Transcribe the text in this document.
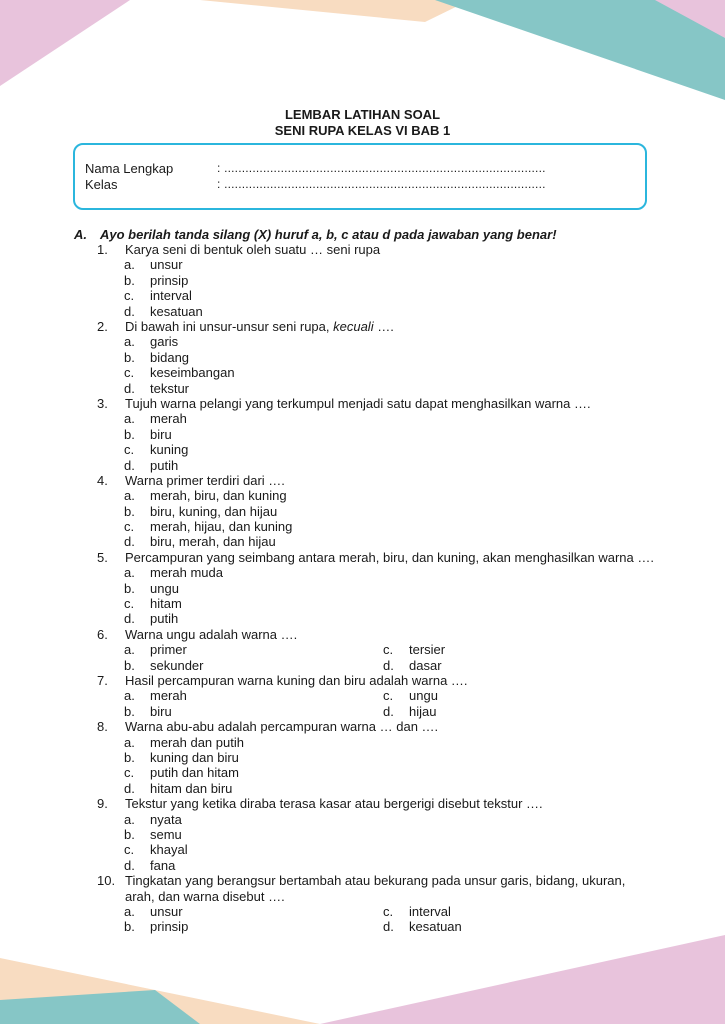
LEMBAR LATIHAN SOAL
SENI RUPA KELAS VI BAB 1
Nama Lengkap	: ...........................................................................................
Kelas	: ...........................................................................................
A. Ayo berilah tanda silang (X) huruf a, b, c atau d pada jawaban yang benar!
1.	Karya seni di bentuk oleh suatu … seni rupa
a.	unsur
b.	prinsip
c.	interval
d.	kesatuan
2.	Di bawah ini unsur-unsur seni rupa, kecuali ….
a.	garis
b.	bidang
c.	keseimbangan
d.	tekstur
3.	Tujuh warna pelangi yang terkumpul menjadi satu dapat menghasilkan warna ….
a.	merah
b.	biru
c.	kuning
d.	putih
4.	Warna primer terdiri dari ….
a.	merah, biru, dan kuning
b.	biru, kuning, dan hijau
c.	merah, hijau, dan kuning
d.	biru, merah, dan hijau
5.	Percampuran yang seimbang antara merah, biru, dan kuning, akan menghasilkan warna ….
a.	merah muda
b.	ungu
c.	hitam
d.	putih
6.	Warna ungu adalah warna ….
a.	primer	c.	tersier
b.	sekunder	d.	dasar
7.	Hasil percampuran warna kuning dan biru adalah warna ….
a.	merah	c.	ungu
b.	biru	d.	hijau
8.	Warna abu-abu adalah percampuran warna … dan ….
a.	merah dan putih
b.	kuning dan biru
c.	putih dan hitam
d.	hitam dan biru
9.	Tekstur yang ketika diraba terasa kasar atau bergerigi disebut tekstur ….
a.	nyata
b.	semu
c.	khayal
d.	fana
10. Tingkatan yang berangsur bertambah atau bekurang pada unsur garis, bidang, ukuran, arah, dan warna disebut ….
a.	unsur	c.	interval
b.	prinsip	d.	kesatuan
